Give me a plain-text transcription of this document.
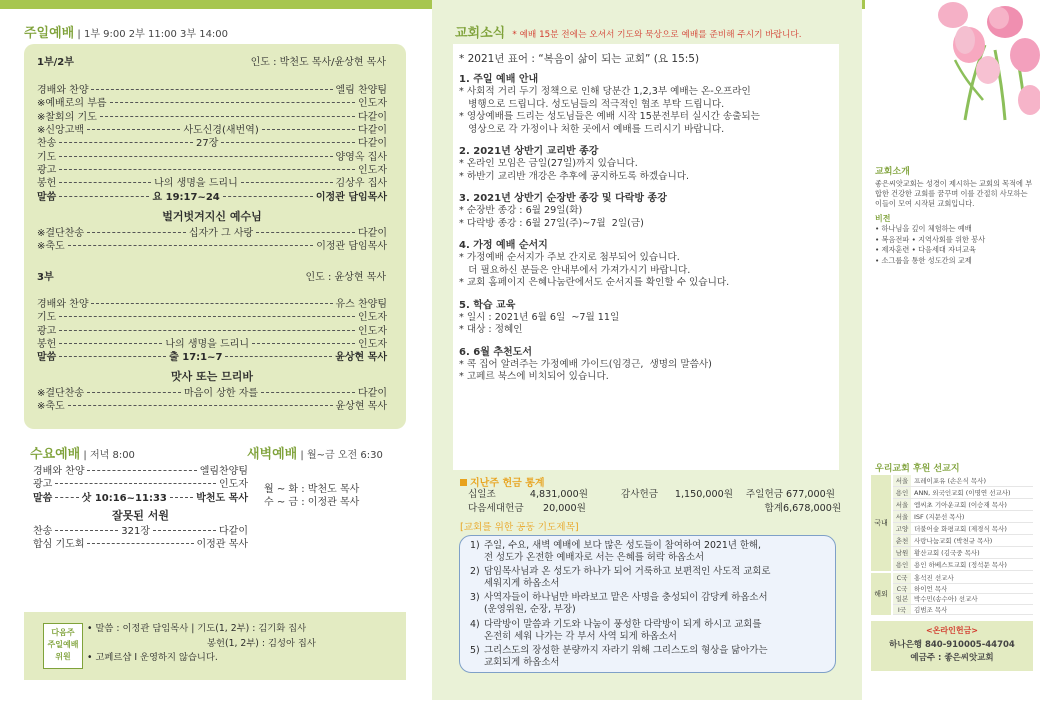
주일예배 | 1부 9:00 2부 11:00 3부 14:00
1부/2부	인도 : 박천도 목사/윤상현 목사
경배와 찬양	엘림 찬양팀
※예배로의 부름	인도자
※찰회의 기도	다같이
※신앙고백	사도신경(새번역)	다같이
찬송	27장	다같이
기도	양영옥 집사
광고	인도자
봉헌	나의 생명을 드리니	김상우 집사
말씀	요 19:17~24	이정관 담임목사
벌거벗겨지신 예수님
※결단찬송	십자가 그 사랑	다같이
※축도	이정관 담임목사
3부	인도 : 윤상현 목사
경배와 찬양	유스 찬양팀
기도	인도자
광고	인도자
봉헌	나의 생명을 드리니	인도자
말씀	출 17:1~7	윤상현 목사
맛사 또는 므리바
※결단찬송	마음이 상한 자를	다같이
※축도	윤상현 목사
수요예배 | 저녁 8:00	새벽예배 | 월~금 오전 6:30
경배와 찬양	엘림찬양팀
광고	인도자
말씀	삿 10:16~11:33	박천도 목사
잘못된 서원
찬송	321장	다같이
합심 기도회	이정관 목사
월 ~ 화 : 박천도 목사
수 ~ 금 : 이정관 목사
다음주
주일예배
위원
• 말씀 : 이정관 담임목사 | 기도(1, 2부) : 김기화 집사
봉헌(1, 2부) : 김성아 집사
• 고페르샵 I 운영하지 않습니다.
교회소식 * 예배 15분 전에는 오셔서 기도와 묵상으로 예배를 준비해 주시기 바랍니다.
* 2021년 표어 : “복음이 삶이 되는 교회” (요 15:5)
1. 주일 예배 안내
* 사회적 거리 두기 정책으로 인해 당분간 1,2,3부 예배는 온-오프라인
병행으로 드립니다. 성도님들의 적극적인 협조 부탁 드립니다.
* 영상예배를 드리는 성도님들은 예배 시작 15분전부터 실시간 송출되는
영상으로 각 가정이나 처한 곳에서 예배를 드리시기 바랍니다.
2. 2021년 상반기 교리반 종강
* 온라인 모임은 금일(27일)까지 있습니다.
* 하반기 교리반 개강은 추후에 공지하도록 하겠습니다.
3. 2021년 상반기 순장반 종강 및 다락방 종강
* 순장반 종강 : 6월 29일(화)
* 다락방 종강 : 6월 27일(주)~7월  2일(금)
4. 가정 예배 순서지
* 가정예배 순서지가 주보 간지로 첨부되어 있습니다.
더 필요하신 분들은 안내부에서 가져가시기 바랍니다.
* 교회 홈페이지 은혜나눔란에서도 순서지를 확인할 수 있습니다.
5. 학습 교육
* 일시 : 2021년 6월 6일  ~7월 11일
* 대상 : 정혜인
6. 6월 추천도서
* 콕 집어 알려주는 가정예배 가이드(임경근,  생명의 말씀사)
* 고페르 북스에 비치되어 있습니다.
지난주 헌금 통계
십일조	4,831,000원	감사헌금	1,150,000원	주일헌금 677,000원
다음세대헌금	20,000원	합계 6,678,000원
[교회를 위한 공동 기도제목]
1) 주일, 수요, 새벽 예배에 보다 많은 성도들이 참여하여 2021년 한해,
전 성도가 온전한 예배자로 서는 은혜를 허락 하옵소서
2) 담임목사님과 온 성도가 하나가 되어 거룩하고 보편적인 사도적 교회로
세워지게 하옵소서
3) 사역자들이 하나님만 바라보고 맡은 사명을 충성되이 감당케 하옵소서
(운영위원, 순장, 부장)
4) 다락방이 말씀과 기도와 나눔이 풍성한 다락방이 되게 하시고 교회를
온전히 세워 나가는 각 부서 사역 되게 하옵소서
5) 그리스도의 장성한 분량까지 자라기 위해 그리스도의 형상을 닮아가는
교회되게 하옵소서
교회소개
좋은씨앗교회는 성경이 제시하는 교회의 목적에 부합한 건강한 교회를 꿈꾸며 이를 간절히 사모하는 이들이 모여 시작된 교회입니다.
비전
• 하나님을 깊이 체험하는 예배
• 복음전파 • 지역사회를 위한 봉사
• 제자훈련 • 다음세대 자녀교육
• 소그룹을 통한 성도간의 교제
우리교회 후원 선교지
국내
서울 프레이포유 (손은식 목사)
용인 ANN, 외국인교회 (이명연 선교사)
서울 엠씨초 기아운교회 (이승재 목사)
서울 ISF (지문선 목사)
고양 더불어숲 화평교회 (제경식 목사)
춘천 사랑나눔교회 (박천규 목사)
남원 황산교회 (김국중 목사)
용인 용인 하베스트교회 (정석문 목사)
해외
C국	홍석진 선교사
C국	하이언 목사
일본 박수민(송수아) 선교사
I국	김범조 목사
<온라인헌금>
하나은행 840-910005-44704
예금주 : 좋은씨앗교회
